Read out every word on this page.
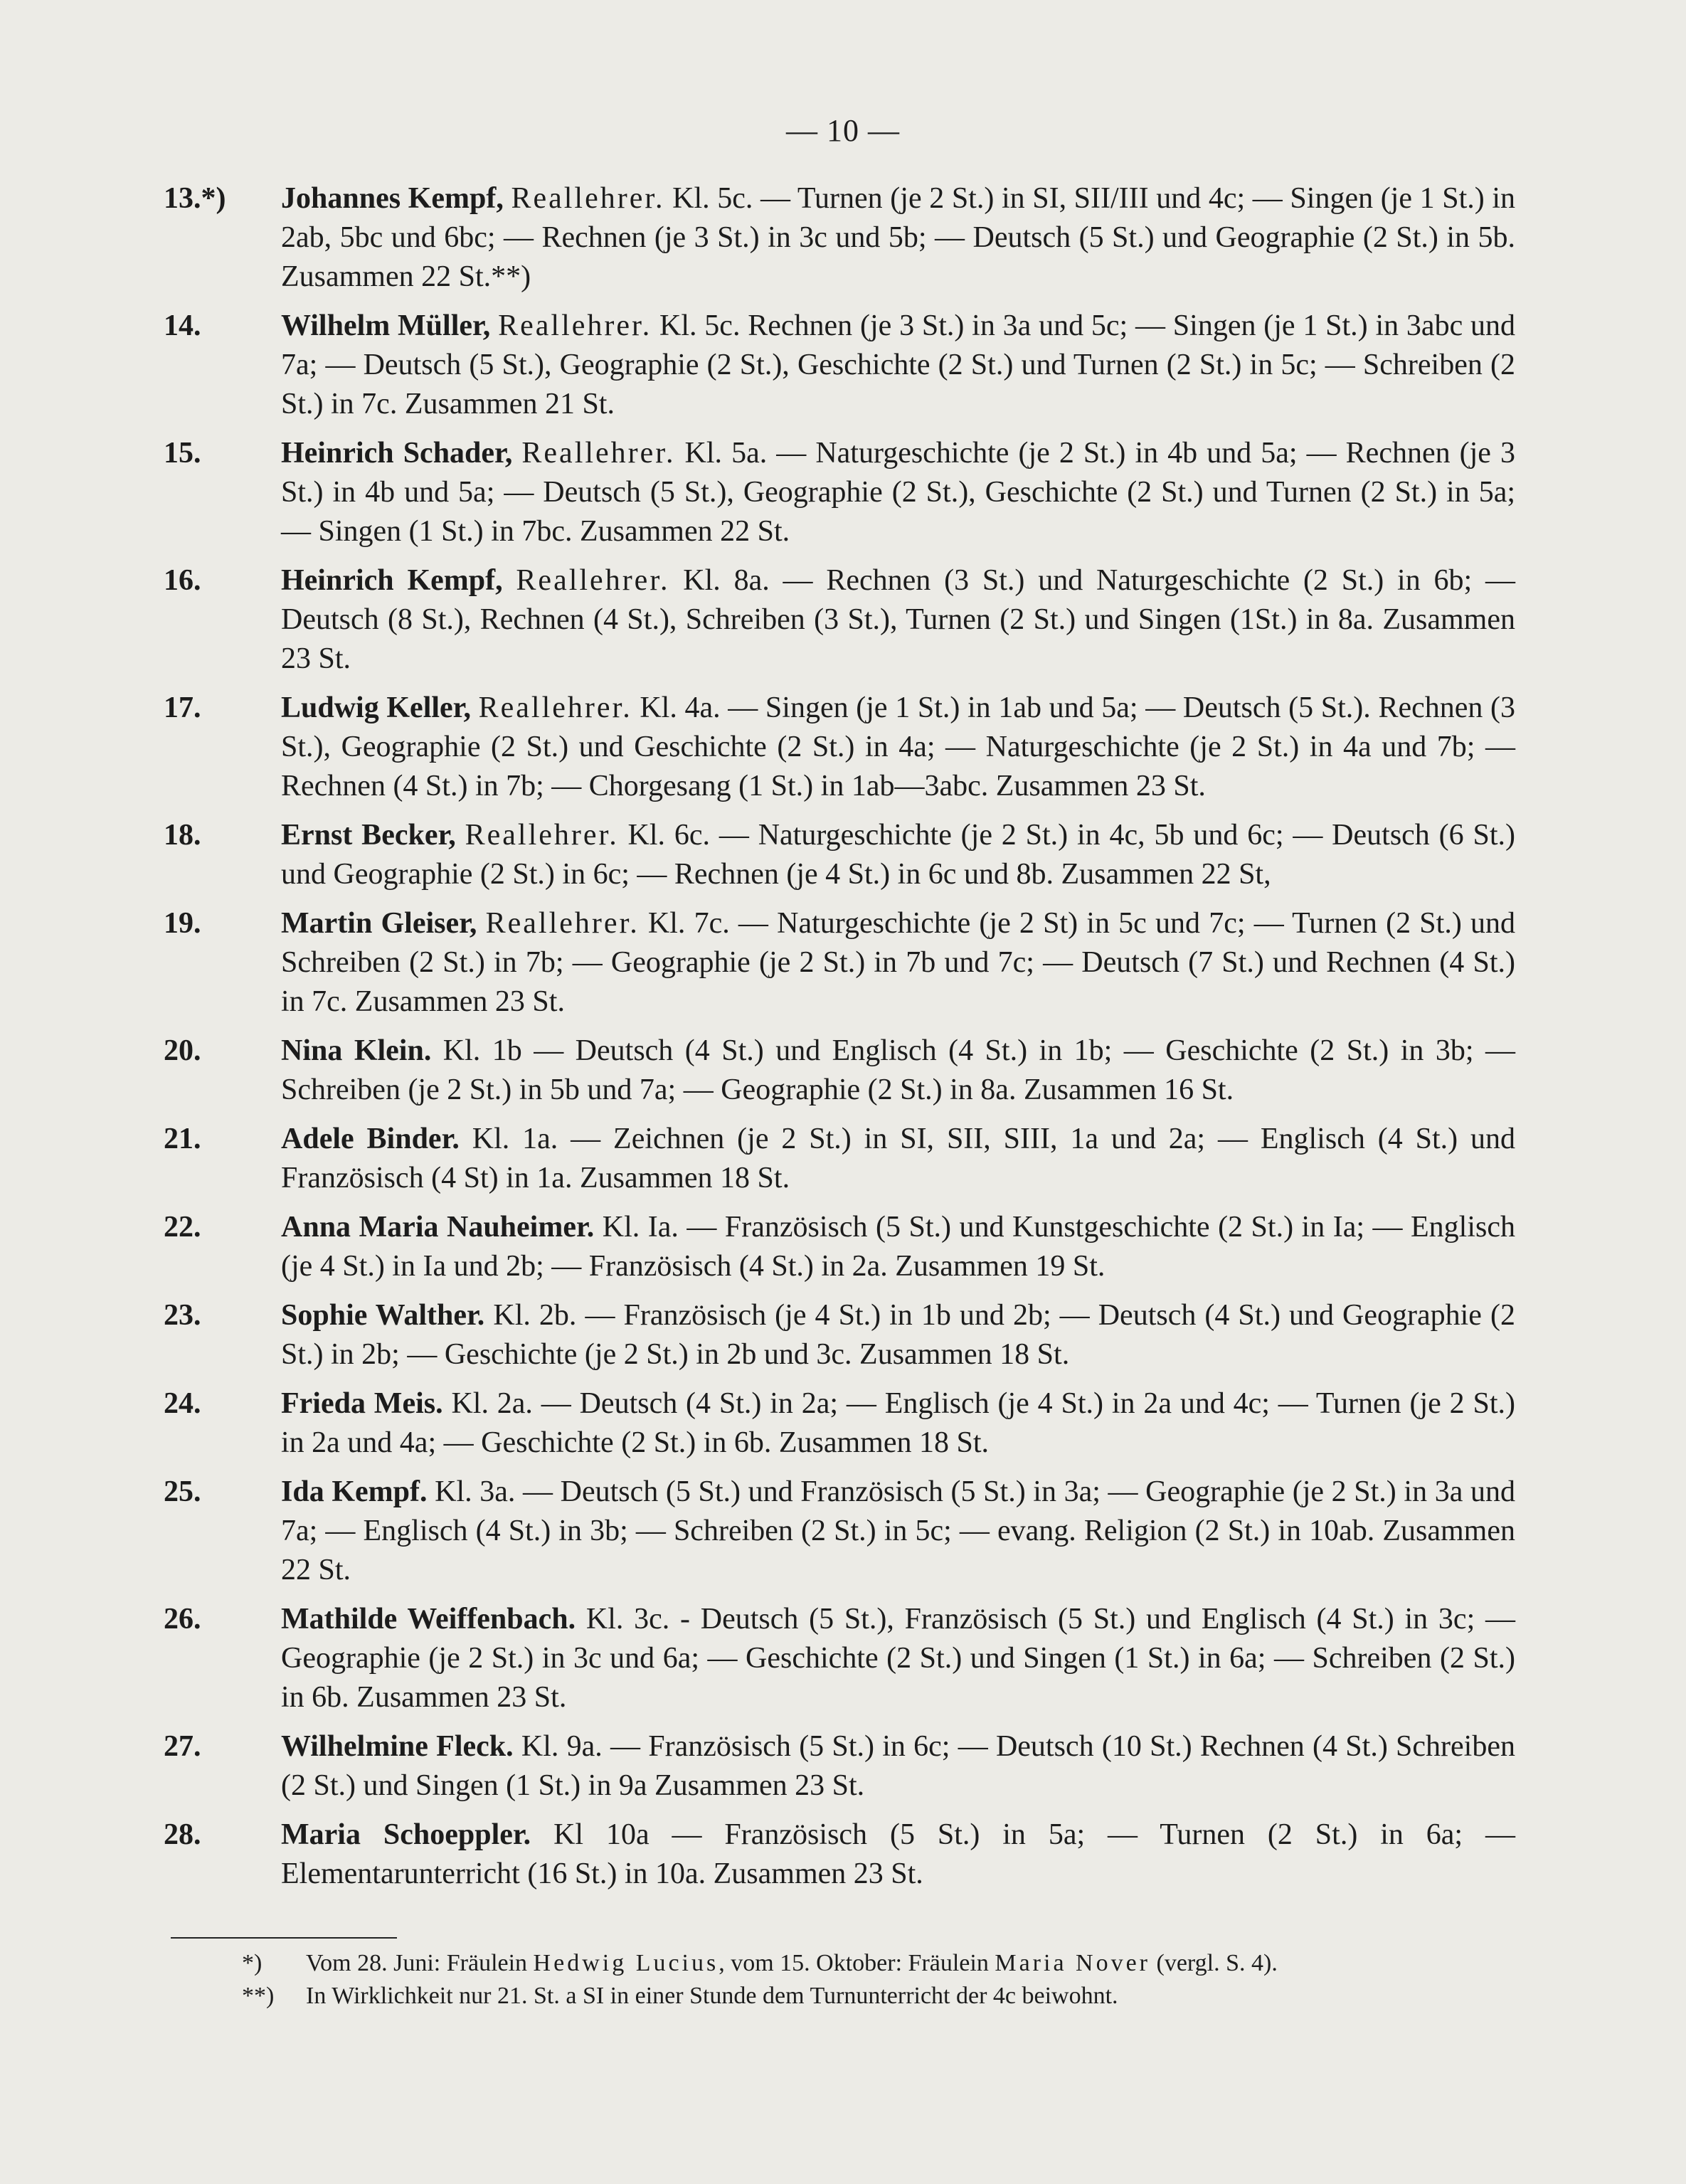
— 10 —
13.*) Johannes Kempf, Reallehrer. Kl. 5c. — Turnen (je 2 St.) in SI, SII/III und 4c; — Singen (je 1 St.) in 2ab, 5bc und 6bc; — Rechnen (je 3 St.) in 3c und 5b; — Deutsch (5 St.) und Geographie (2 St.) in 5b. Zusammen 22 St.**)
14.	Wilhelm Müller, Reallehrer. Kl. 5c. Rechnen (je 3 St.) in 3a und 5c; — Singen (je 1 St.) in 3abc und 7a; — Deutsch (5 St.), Geographie (2 St.), Geschichte (2 St.) und Turnen (2 St.) in 5c; — Schreiben (2 St.) in 7c. Zusammen 21 St.
15.	Heinrich Schader, Reallehrer. Kl. 5a. — Naturgeschichte (je 2 St.) in 4b und 5a; — Rechnen (je 3 St.) in 4b und 5a; — Deutsch (5 St.), Geographie (2 St.), Geschichte (2 St.) und Turnen (2 St.) in 5a; — Singen (1 St.) in 7bc. Zusammen 22 St.
16.	Heinrich Kempf, Reallehrer. Kl. 8a. — Rechnen (3 St.) und Naturgeschichte (2 St.) in 6b; — Deutsch (8 St.), Rechnen (4 St.), Schreiben (3 St.), Turnen (2 St.) und Singen (1St.) in 8a. Zusammen 23 St.
17.	Ludwig Keller, Reallehrer. Kl. 4a. — Singen (je 1 St.) in 1ab und 5a; — Deutsch (5 St.). Rechnen (3 St.), Geographie (2 St.) und Geschichte (2 St.) in 4a; — Naturgeschichte (je 2 St.) in 4a und 7b; — Rechnen (4 St.) in 7b; — Chorgesang (1 St.) in 1ab—3abc. Zusammen 23 St.
18.	Ernst Becker, Reallehrer. Kl. 6c. — Naturgeschichte (je 2 St.) in 4c, 5b und 6c; — Deutsch (6 St.) und Geographie (2 St.) in 6c; — Rechnen (je 4 St.) in 6c und 8b. Zusammen 22 St,
19.	Martin Gleiser, Reallehrer. Kl. 7c. — Naturgeschichte (je 2 St) in 5c und 7c; — Turnen (2 St.) und Schreiben (2 St.) in 7b; — Geographie (je 2 St.) in 7b und 7c; — Deutsch (7 St.) und Rechnen (4 St.) in 7c. Zusammen 23 St.
20.	Nina Klein. Kl. 1b — Deutsch (4 St.) und Englisch (4 St.) in 1b; — Geschichte (2 St.) in 3b; — Schreiben (je 2 St.) in 5b und 7a; — Geographie (2 St.) in 8a. Zusammen 16 St.
21.	Adele Binder. Kl. 1a. — Zeichnen (je 2 St.) in SI, SII, SIII, 1a und 2a; — Englisch (4 St.) und Französisch (4 St) in 1a. Zusammen 18 St.
22.	Anna Maria Nauheimer. Kl. Ia. — Französisch (5 St.) und Kunstgeschichte (2 St.) in Ia; — Englisch (je 4 St.) in Ia und 2b; — Französisch (4 St.) in 2a. Zusammen 19 St.
23.	Sophie Walther. Kl. 2b. — Französisch (je 4 St.) in 1b und 2b; — Deutsch (4 St.) und Geographie (2 St.) in 2b; — Geschichte (je 2 St.) in 2b und 3c. Zusammen 18 St.
24.	Frieda Meis. Kl. 2a. — Deutsch (4 St.) in 2a; — Englisch (je 4 St.) in 2a und 4c; — Turnen (je 2 St.) in 2a und 4a; — Geschichte (2 St.) in 6b. Zusammen 18 St.
25.	Ida Kempf. Kl. 3a. — Deutsch (5 St.) und Französisch (5 St.) in 3a; — Geographie (je 2 St.) in 3a und 7a; — Englisch (4 St.) in 3b; — Schreiben (2 St.) in 5c; — evang. Religion (2 St.) in 10ab. Zusammen 22 St.
26.	Mathilde Weiffenbach. Kl. 3c. - Deutsch (5 St.), Französisch (5 St.) und Englisch (4 St.) in 3c; — Geographie (je 2 St.) in 3c und 6a; — Geschichte (2 St.) und Singen (1 St.) in 6a; — Schreiben (2 St.) in 6b. Zusammen 23 St.
27.	Wilhelmine Fleck. Kl. 9a. — Französisch (5 St.) in 6c; — Deutsch (10 St.) Rechnen (4 St.) Schreiben (2 St.) und Singen (1 St.) in 9a Zusammen 23 St.
28.	Maria Schoeppler. Kl 10a — Französisch (5 St.) in 5a; — Turnen (2 St.) in 6a; — Elementarunterricht (16 St.) in 10a. Zusammen 23 St.
*) Vom 28. Juni: Fräulein Hedwig Lucius, vom 15. Oktober: Fräulein Maria Nover (vergl. S. 4).
**) In Wirklichkeit nur 21. St. a SI in einer Stunde dem Turnunterricht der 4c beiwohnt.
